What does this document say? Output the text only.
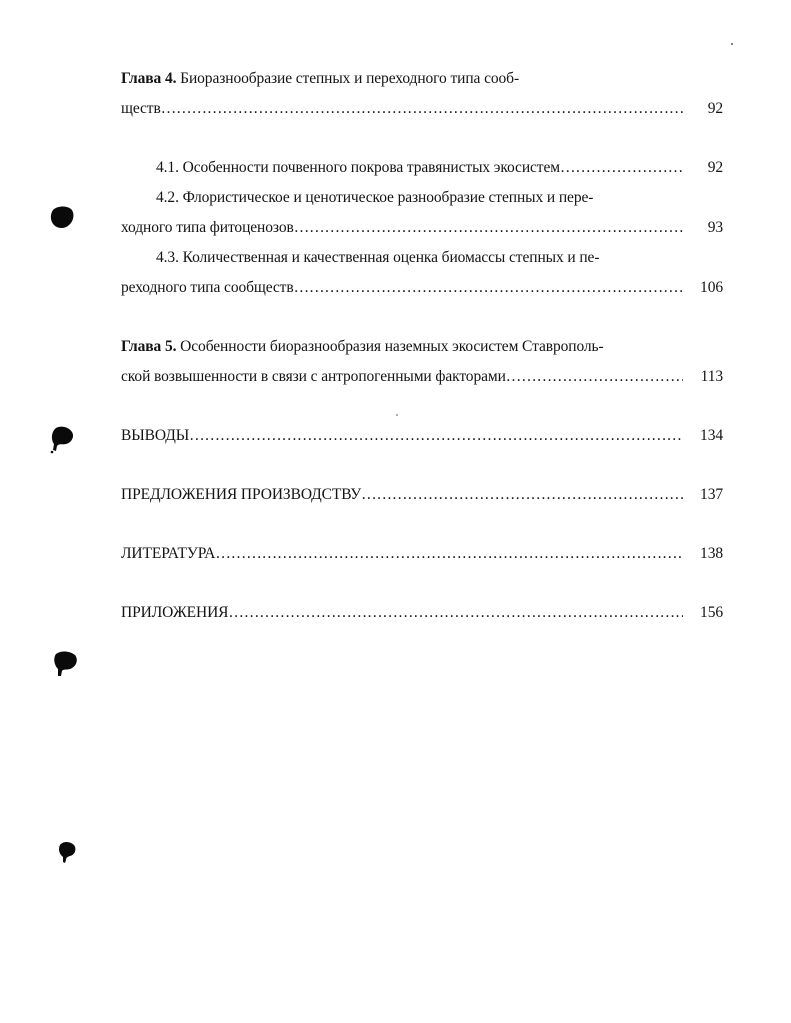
Глава 4. Биоразнообразие степных и переходного типа сооб-
ществ ………………………………………………………………………………………………………………………………………………………………………………………………………………	92
4.1. Особенности почвенного покрова травянистых экосистем ………………………………………………………………………………………………………………………………………………………………………………………………………………	92
4.2. Флористическое и ценотическое разнообразие степных и пере-
ходного типа фитоценозов ………………………………………………………………………………………………………………………………………………………………………………………………………………	93
4.3. Количественная и качественная оценка биомассы степных и пе-
реходного типа сообществ ………………………………………………………………………………………………………………………………………………………………………………………………………………	106
Глава 5. Особенности биоразнообразия наземных экосистем Ставрополь-
ской возвышенности в связи с антропогенными факторами ………………………………………………………………………………………………………………………………………………………………………………………………………………	113
ВЫВОДЫ ………………………………………………………………………………………………………………………………………………………………………………………………………………	134
ПРЕДЛОЖЕНИЯ ПРОИЗВОДСТВУ ………………………………………………………………………………………………………………………………………………………………………………………………………………	137
ЛИТЕРАТУРА ………………………………………………………………………………………………………………………………………………………………………………………………………………	138
ПРИЛОЖЕНИЯ ………………………………………………………………………………………………………………………………………………………………………………………………………………	156
